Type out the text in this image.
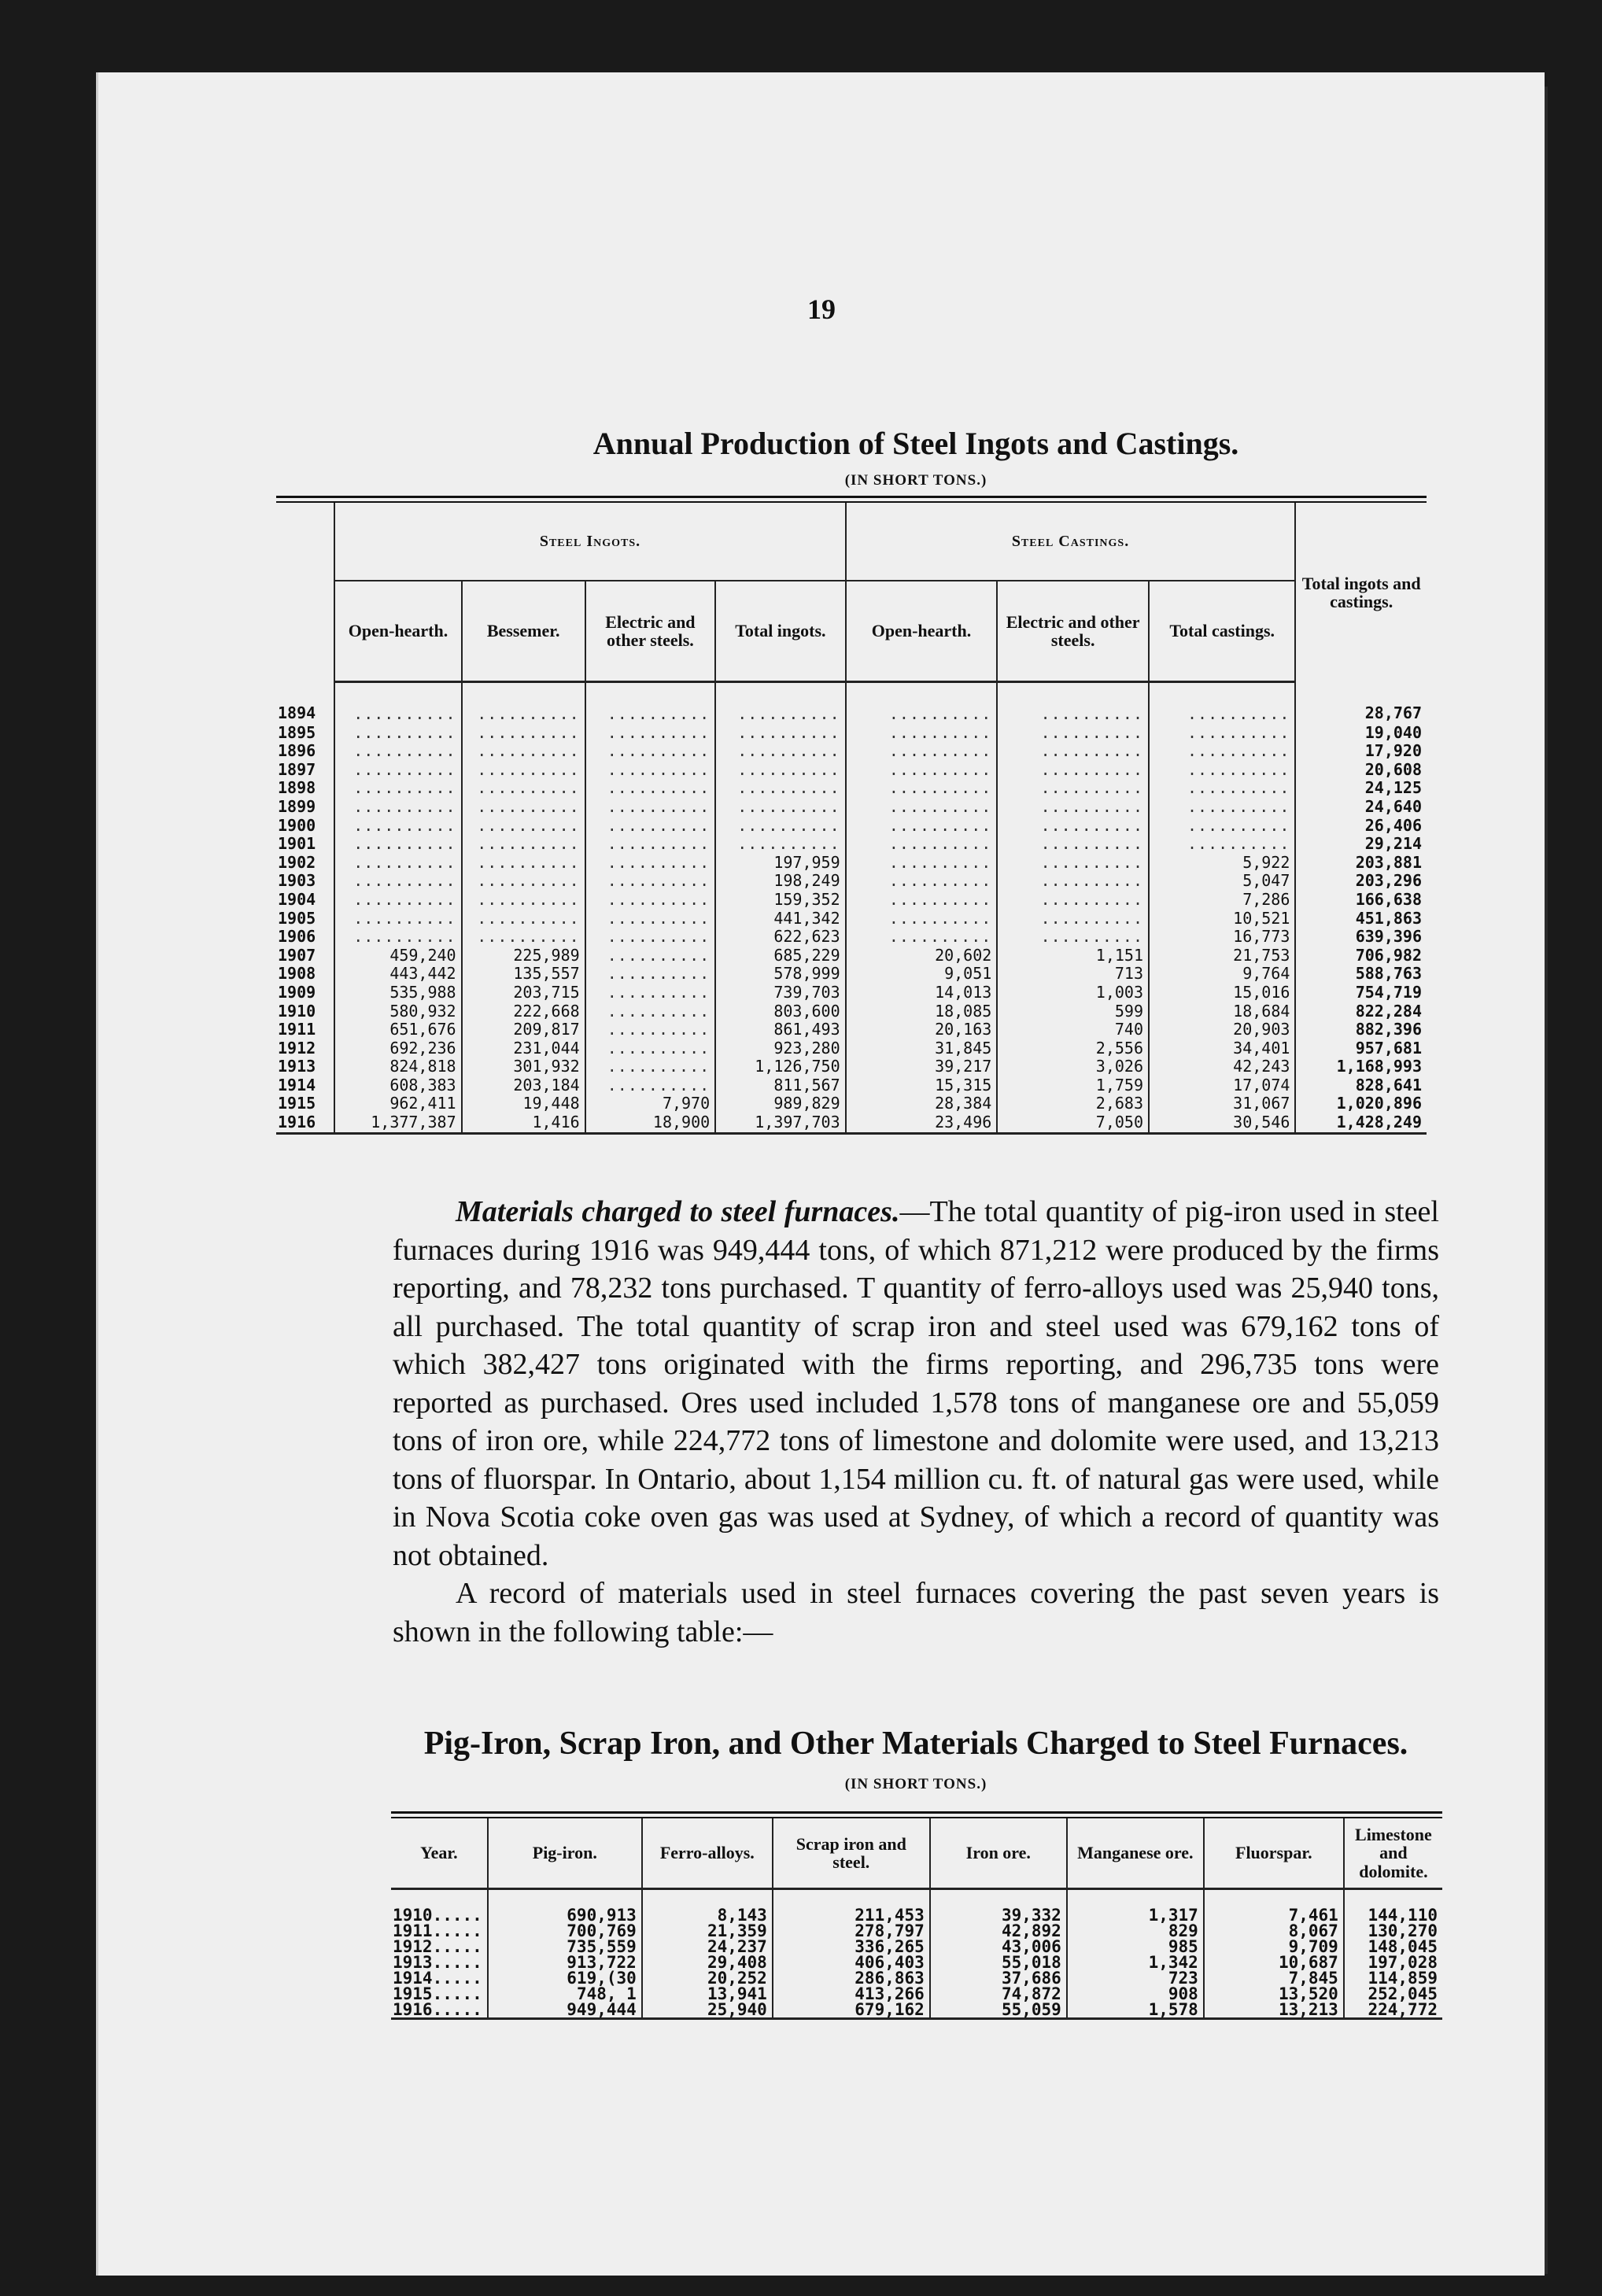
19
Annual Production of Steel Ingots and Castings.
(IN SHORT TONS.)
	Steel Ingots.				Steel Castings.			Total ingots and castings.
	Open-hearth.	Bessemer.	Electric and other steels.	Total ingots.	Open-hearth.	Electric and other steels.	Total castings.	
1894	..........	..........	..........	..........	..........	..........	..........	28,767
1895	..........	..........	..........	..........	..........	..........	..........	19,040
1896	..........	..........	..........	..........	..........	..........	..........	17,920
1897	..........	..........	..........	..........	..........	..........	..........	20,608
1898	..........	..........	..........	..........	..........	..........	..........	24,125
1899	..........	..........	..........	..........	..........	..........	..........	24,640
1900	..........	..........	..........	..........	..........	..........	..........	26,406
1901	..........	..........	..........	..........	..........	..........	..........	29,214
1902	..........	..........	..........	197,959	..........	..........	5,922	203,881
1903	..........	..........	..........	198,249	..........	..........	5,047	203,296
1904	..........	..........	..........	159,352	..........	..........	7,286	166,638
1905	..........	..........	..........	441,342	..........	..........	10,521	451,863
1906	..........	..........	..........	622,623	..........	..........	16,773	639,396
1907	459,240	225,989	..........	685,229	20,602	1,151	21,753	706,982
1908	443,442	135,557	..........	578,999	9,051	713	9,764	588,763
1909	535,988	203,715	..........	739,703	14,013	1,003	15,016	754,719
1910	580,932	222,668	..........	803,600	18,085	599	18,684	822,284
1911	651,676	209,817	..........	861,493	20,163	740	20,903	882,396
1912	692,236	231,044	..........	923,280	31,845	2,556	34,401	957,681
1913	824,818	301,932	..........	1,126,750	39,217	3,026	42,243	1,168,993
1914	608,383	203,184	..........	811,567	15,315	1,759	17,074	828,641
1915	962,411	19,448	7,970	989,829	28,384	2,683	31,067	1,020,896
1916	1,377,387	1,416	18,900	1,397,703	23,496	7,050	30,546	1,428,249

Materials charged to steel furnaces.—The total quantity of pig-iron used in steel furnaces during 1916 was 949,444 tons, of which 871,212 were produced by the firms reporting, and 78,232 tons purchased. T quantity of ferro-alloys used was 25,940 tons, all purchased. The total quantity of scrap iron and steel used was 679,162 tons of which 382,427 tons originated with the firms reporting, and 296,735 tons were reported as purchased. Ores used included 1,578 tons of manganese ore and 55,059 tons of iron ore, while 224,772 tons of limestone and dolomite were used, and 13,213 tons of fluorspar. In Ontario, about 1,154 million cu. ft. of natural gas were used, while in Nova Scotia coke oven gas was used at Sydney, of which a record of quantity was not obtained.

A record of materials used in steel furnaces covering the past seven years is shown in the following table:—

Pig-Iron, Scrap Iron, and Other Materials Charged to Steel Furnaces.
(IN SHORT TONS.)
Year.	Pig-iron.	Ferro-alloys.	Scrap iron and steel.	Iron ore.	Manganese ore.	Fluorspar.	Limestone and dolomite.
1910.....	690,913	8,143	211,453	39,332	1,317	7,461	144,110
1911.....	700,769	21,359	278,797	42,892	829	8,067	130,270
1912.....	735,559	24,237	336,265	43,006	985	9,709	148,045
1913.....	913,722	29,408	406,403	55,018	1,342	10,687	197,028
1914.....	619,(30	20,252	286,863	37,686	723	7,845	114,859
1915.....	748, 1	13,941	413,266	74,872	908	13,520	252,045
1916.....	949,444	25,940	679,162	55,059	1,578	13,213	224,772
